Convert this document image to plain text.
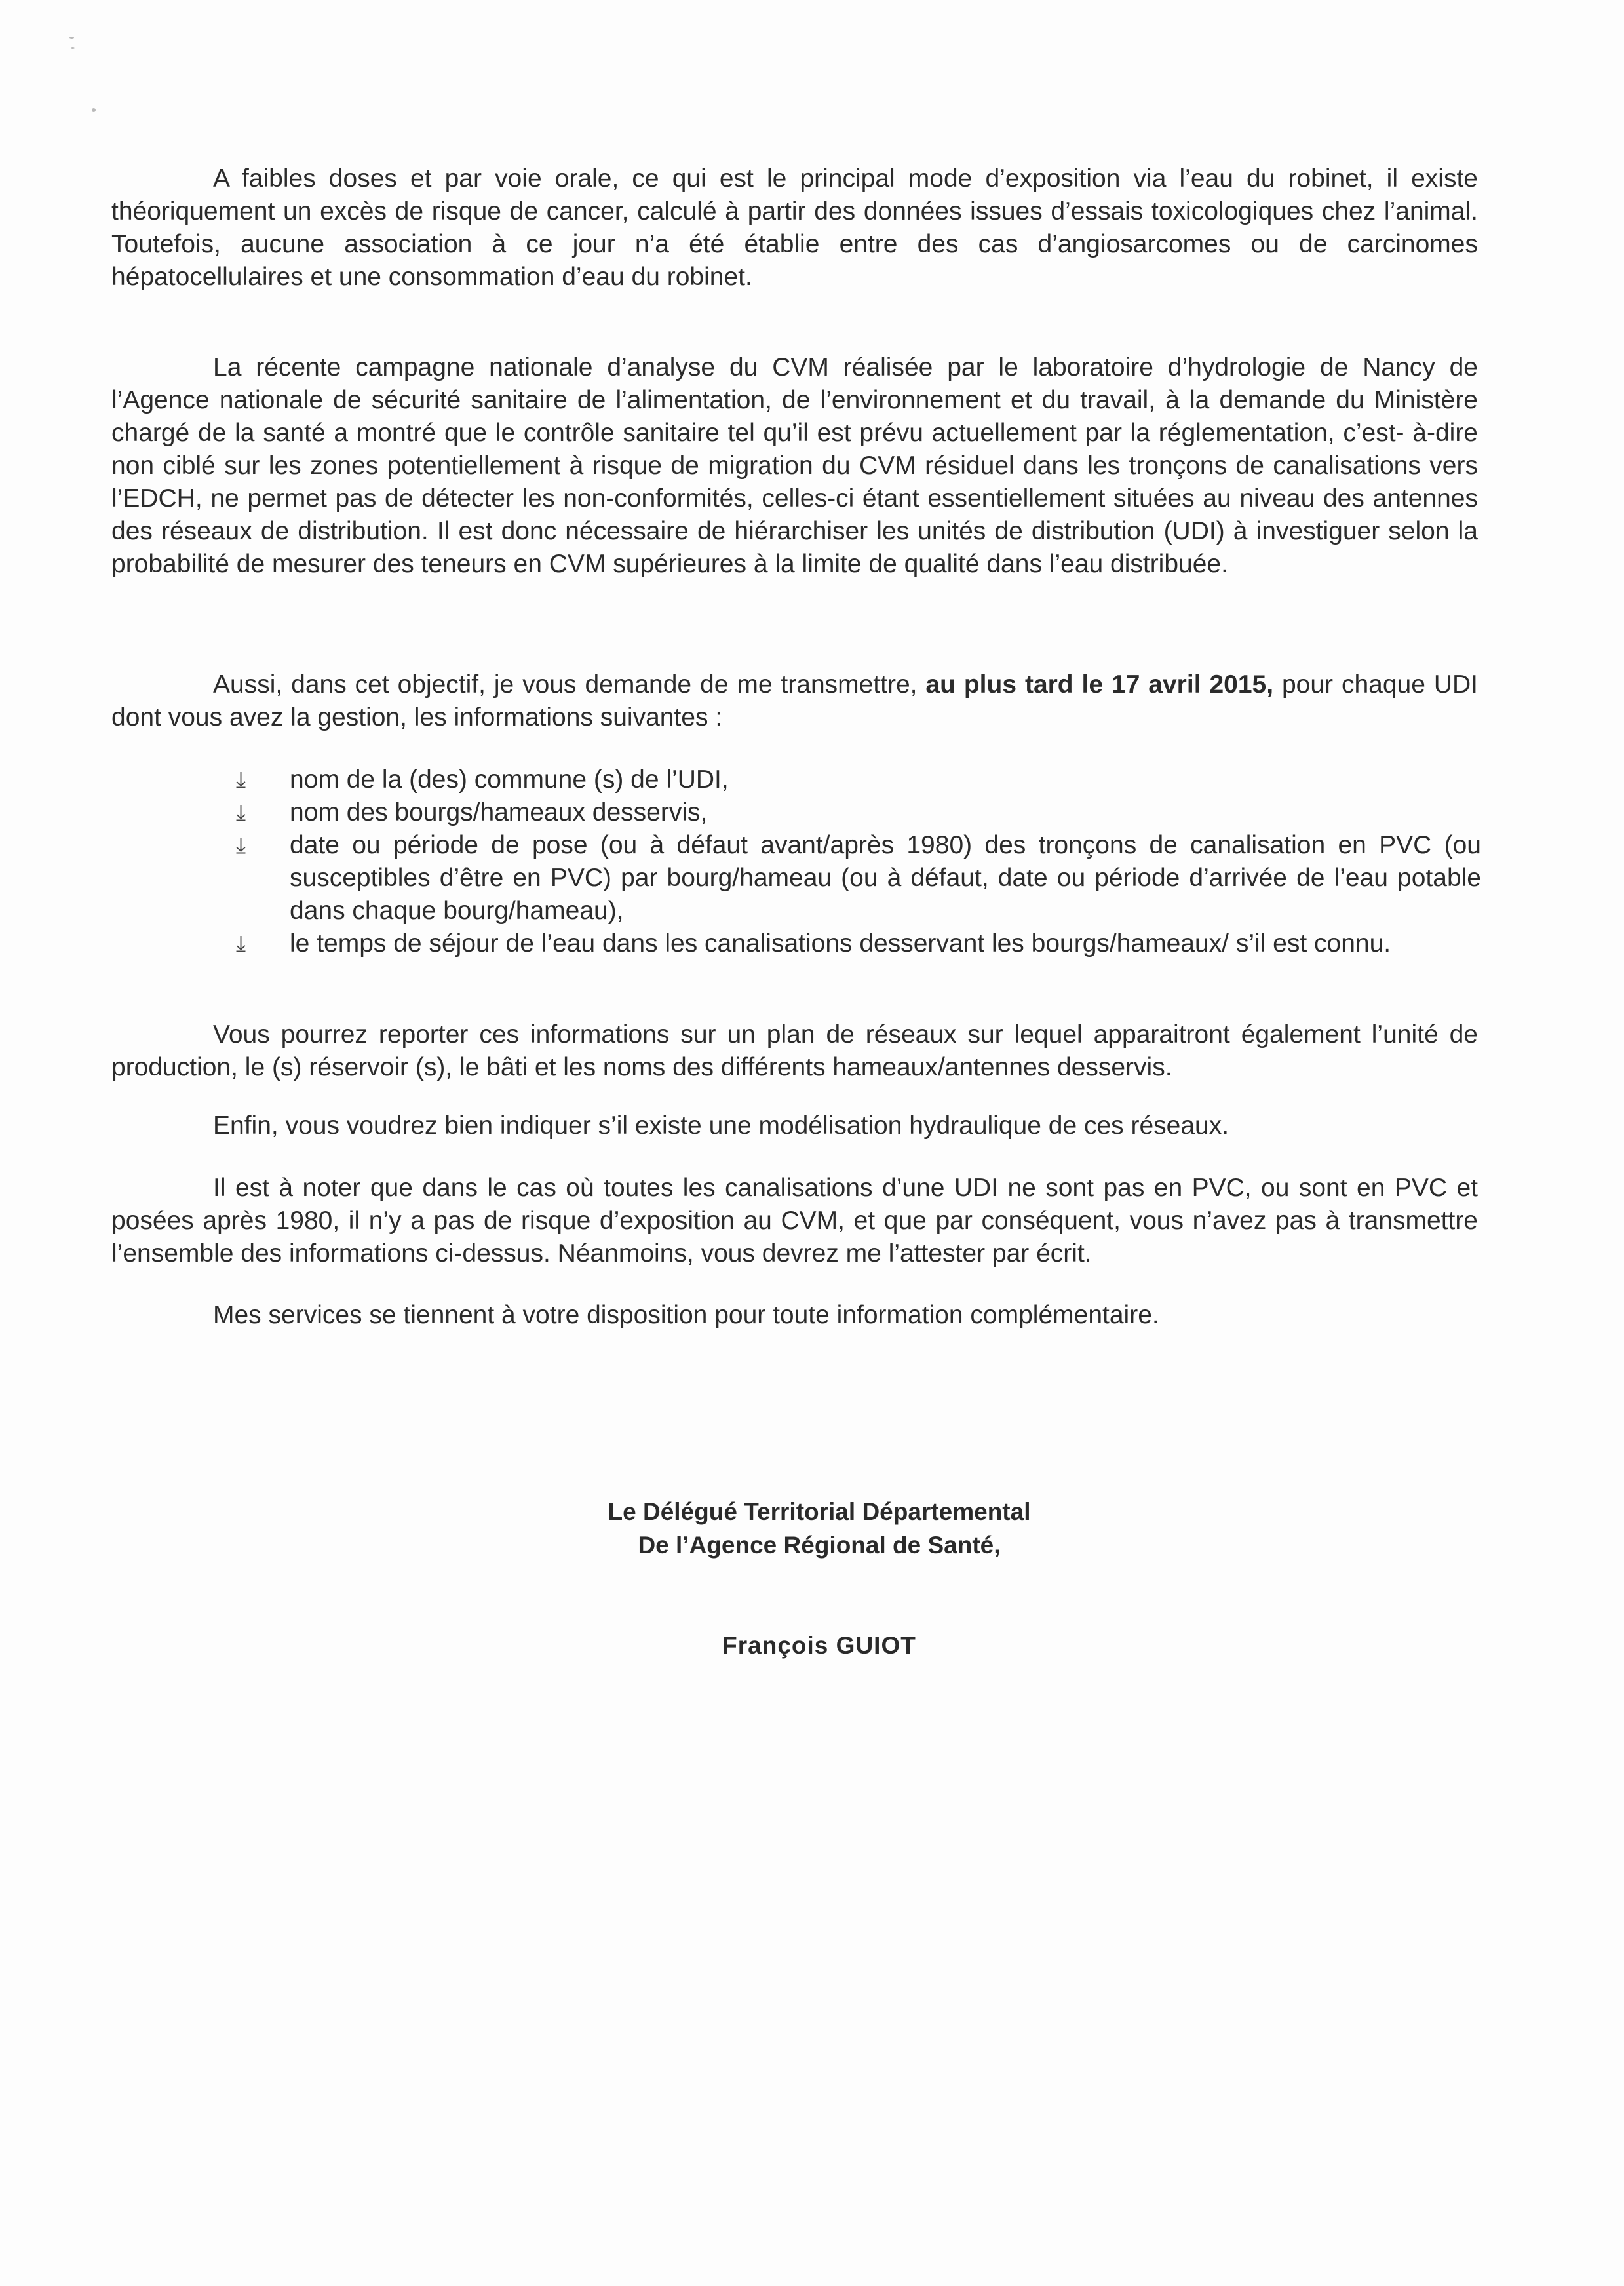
A faibles doses et par voie orale, ce qui est le principal mode d’exposition via l’eau du robinet, il existe théoriquement un excès de risque de cancer, calculé à partir des données issues d’essais toxicologiques chez l’animal. Toutefois, aucune association à ce jour n’a été établie entre des cas d’angiosarcomes ou de carcinomes hépatocellulaires et une consommation d’eau du robinet.

La récente campagne nationale d’analyse du CVM réalisée par le laboratoire d’hydrologie de Nancy de l’Agence nationale de sécurité sanitaire de l’alimentation, de l’environnement et du travail, à la demande du Ministère chargé de la santé a montré que le contrôle sanitaire tel qu’il est prévu actuellement par la réglementation, c’est- à-dire non ciblé sur les zones potentiellement à risque de migration du CVM résiduel dans les tronçons de canalisations vers l’EDCH, ne permet pas de détecter les non-conformités, celles-ci étant essentiellement situées au niveau des antennes des réseaux de distribution. Il est donc nécessaire de hiérarchiser les unités de distribution (UDI) à investiguer selon la probabilité de mesurer des teneurs en CVM supérieures à la limite de qualité dans l’eau distribuée.

Aussi, dans cet objectif, je vous demande de me transmettre, au plus tard le 17 avril 2015, pour chaque UDI dont vous avez la gestion, les informations suivantes :

⤓	nom de la (des) commune (s) de l’UDI,
⤓	nom des bourgs/hameaux desservis,
⤓	date ou période de pose (ou à défaut avant/après 1980) des tronçons de canalisation en PVC (ou susceptibles d’être en PVC) par bourg/hameau (ou à défaut, date ou période d’arrivée de l’eau potable dans chaque bourg/hameau),
⤓	le temps de séjour de l’eau dans les canalisations desservant les bourgs/hameaux/ s’il est connu.

Vous pourrez reporter ces informations sur un plan de réseaux sur lequel apparaitront également l’unité de production, le (s) réservoir (s), le bâti et les noms des différents hameaux/antennes desservis.

Enfin, vous voudrez bien indiquer s’il existe une modélisation hydraulique de ces réseaux.

Il est à noter que dans le cas où toutes les canalisations d’une UDI ne sont pas en PVC, ou sont en PVC et posées après 1980, il n’y a pas de risque d’exposition au CVM, et que par conséquent, vous n’avez pas à transmettre l’ensemble des informations ci-dessus. Néanmoins, vous devrez me l’attester par écrit.

Mes services se tiennent à votre disposition pour toute information complémentaire.

Le Délégué Territorial Départemental
De l’Agence Régional de Santé,
François GUIOT
